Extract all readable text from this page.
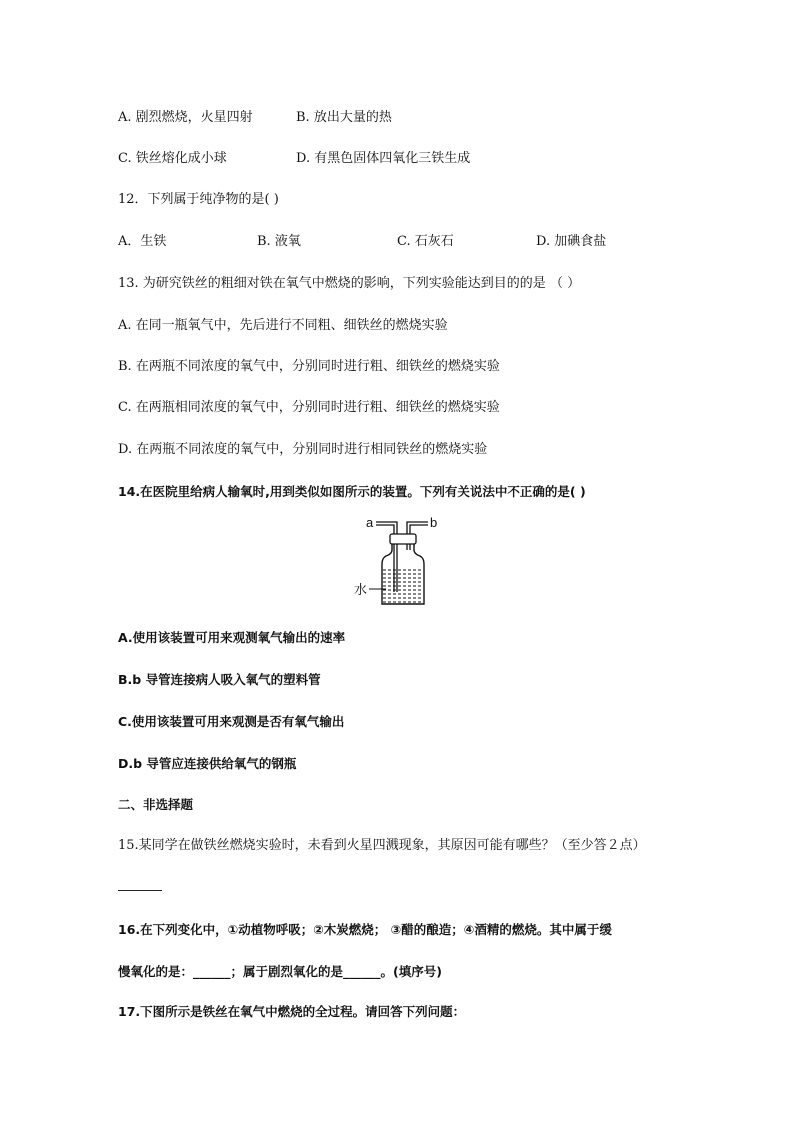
A. 剧烈燃烧，火星四射	B. 放出大量的热
C. 铁丝熔化成小球	D. 有黑色固体四氧化三铁生成
12．下列属于纯净物的是( )
A．生铁	B. 液氧	C. 石灰石	D. 加碘食盐
13. 为研究铁丝的粗细对铁在氧气中燃烧的影响，下列实验能达到目的的是 （ ）
A. 在同一瓶氧气中，先后进行不同粗、细铁丝的燃烧实验
B. 在两瓶不同浓度的氧气中，分别同时进行粗、细铁丝的燃烧实验
C. 在两瓶相同浓度的氧气中，分别同时进行粗、细铁丝的燃烧实验
D. 在两瓶不同浓度的氧气中，分别同时进行相同铁丝的燃烧实验
14.在医院里给病人输氧时,用到类似如图所示的装置。下列有关说法中不正确的是( )
a	b
水
A.使用该装置可用来观测氧气输出的速率
B.b 导管连接病人吸入氧气的塑料管
C.使用该装置可用来观测是否有氧气输出
D.b 导管应连接供给氧气的钢瓶
二、非选择题
15.某同学在做铁丝燃烧实验时，未看到火星四溅现象，其原因可能有哪些？（至少答２点）
16.在下列变化中，①动植物呼吸；②木炭燃烧； ③醋的酿造；④酒精的燃烧。其中属于缓
慢氧化的是：______；属于剧烈氧化的是______。(填序号)
17.下图所示是铁丝在氧气中燃烧的全过程。请回答下列问题：
